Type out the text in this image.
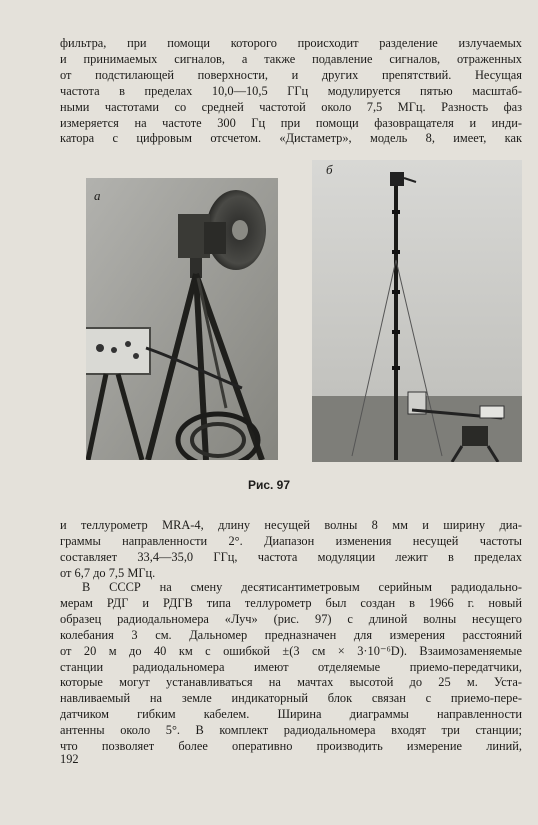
фильтра, при помощи которого происходит разделение излучаемых
и принимаемых сигналов, а также подавление сигналов, отраженных
от подстилающей поверхности, и других препятствий. Несущая
частота в пределах 10,0—10,5 ГГц модулируется пятью масштаб-
ными частотами со средней частотой около 7,5 МГц. Разность фаз
измеряется на частоте 300 Гц при помощи фазовращателя и инди-
катора с цифровым отсчетом. «Дистаметр», модель 8, имеет, как
а
б
Рис. 97
и теллурометр MRA-4, длину несущей волны 8 мм и ширину диа-
граммы направленности 2°. Диапазон изменения несущей частоты
составляет 33,4—35,0 ГГц, частота модуляции лежит в пределах
от 6,7 до 7,5 МГц.
В СССР на смену десятисантиметровым серийным радиодально-
мерам РДГ и РДГВ типа теллурометр был создан в 1966 г. новый
образец радиодальномера «Луч» (рис. 97) с длиной волны несущего
колебания 3 см. Дальномер предназначен для измерения расстояний
от 20 м до 40 км с ошибкой ±(3 см × 3·10⁻⁶D). Взаимозаменяемые
станции радиодальномера имеют отделяемые приемо-передатчики,
которые могут устанавливаться на мачтах высотой до 25 м. Уста-
навливаемый на земле индикаторный блок связан с приемо-пере-
датчиком гибким кабелем. Ширина диаграммы направленности
антенны около 5°. В комплект радиодальномера входят три станции;
что позволяет более оперативно производить измерение линий,
192
